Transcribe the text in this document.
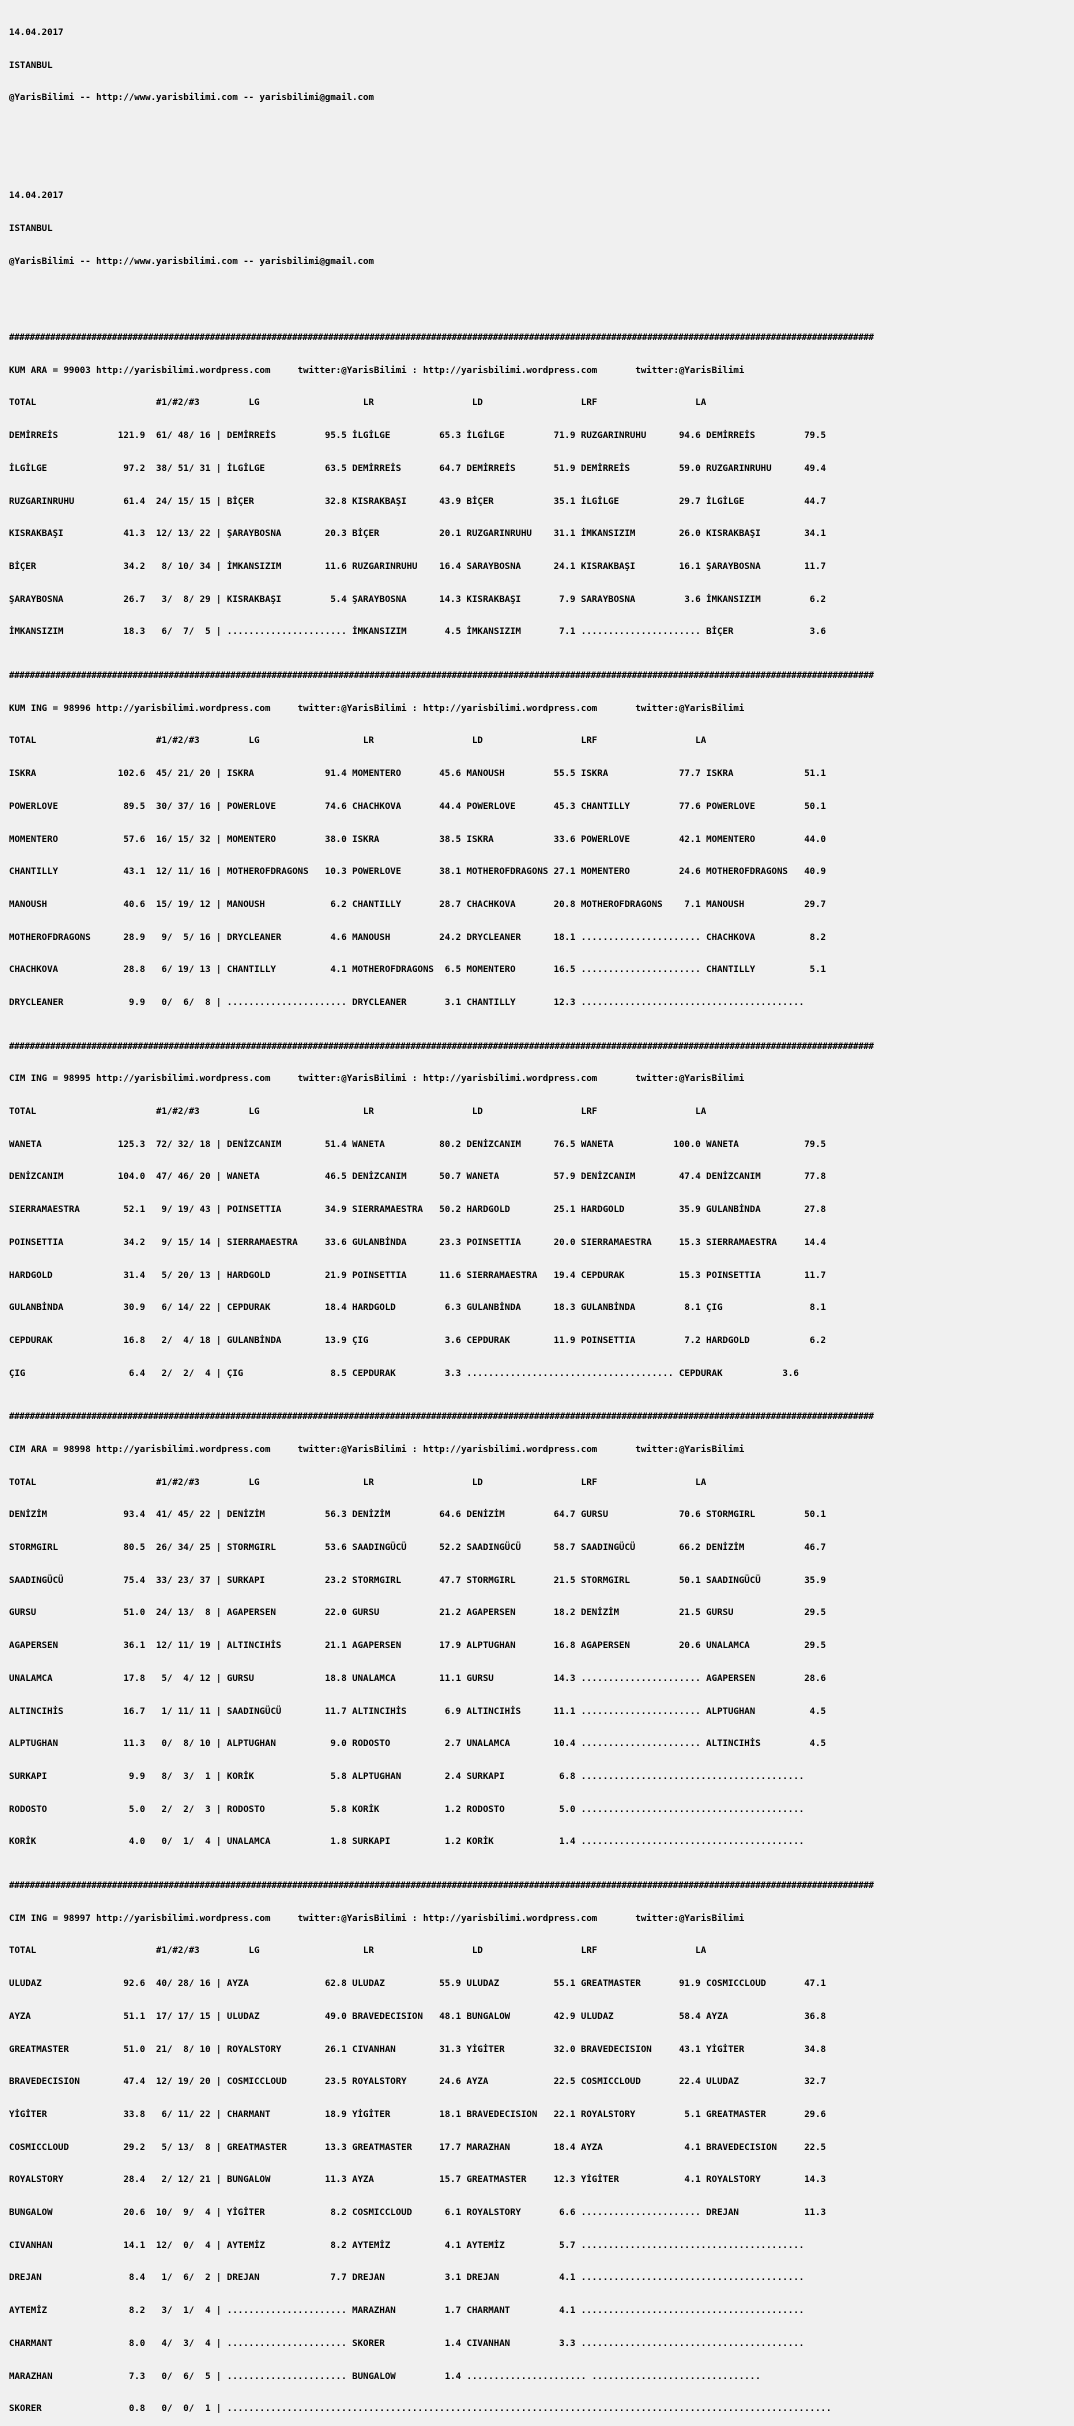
14.04.2017

ISTANBUL

@YarisBilimi -- http://www.yarisbilimi.com -- yarisbilimi@gmail.com

14.04.2017

ISTANBUL

@YarisBilimi -- http://www.yarisbilimi.com -- yarisbilimi@gmail.com

########################################################################################################################################################################

KUM ARA = 99003 http://yarisbilimi.wordpress.com     twitter:@YarisBilimi : http://yarisbilimi.wordpress.com       twitter:@YarisBilimi

TOTAL                      #1/#2/#3         LG                   LR                  LD                  LRF                  LA

DEMİRREİS           121.9  61/ 48/ 16 | DEMİRREİS         95.5 İLGİLGE         65.3 İLGİLGE         71.9 RUZGARINRUHU      94.6 DEMİRREİS         79.5

İLGİLGE              97.2  38/ 51/ 31 | İLGİLGE           63.5 DEMİRREİS       64.7 DEMİRREİS       51.9 DEMİRREİS         59.0 RUZGARINRUHU      49.4

RUZGARINRUHU         61.4  24/ 15/ 15 | BİÇER             32.8 KISRAKBAŞI      43.9 BİÇER           35.1 İLGİLGE           29.7 İLGİLGE           44.7

KISRAKBAŞI           41.3  12/ 13/ 22 | ŞARAYBOSNA        20.3 BİÇER           20.1 RUZGARINRUHU    31.1 İMKANSIZIM        26.0 KISRAKBAŞI        34.1

BİÇER                34.2   8/ 10/ 34 | İMKANSIZIM        11.6 RUZGARINRUHU    16.4 SARAYBOSNA      24.1 KISRAKBAŞI        16.1 ŞARAYBOSNA        11.7

ŞARAYBOSNA           26.7   3/  8/ 29 | KISRAKBAŞI         5.4 ŞARAYBOSNA      14.3 KISRAKBAŞI       7.9 SARAYBOSNA         3.6 İMKANSIZIM         6.2

İMKANSIZIM           18.3   6/  7/  5 | ...................... İMKANSIZIM       4.5 İMKANSIZIM       7.1 ...................... BİÇER              3.6

########################################################################################################################################################################

KUM ING = 98996 http://yarisbilimi.wordpress.com     twitter:@YarisBilimi : http://yarisbilimi.wordpress.com       twitter:@YarisBilimi

TOTAL                      #1/#2/#3         LG                   LR                  LD                  LRF                  LA

ISKRA               102.6  45/ 21/ 20 | ISKRA             91.4 MOMENTERO       45.6 MANOUSH         55.5 ISKRA             77.7 ISKRA             51.1

POWERLOVE            89.5  30/ 37/ 16 | POWERLOVE         74.6 CHACHKOVA       44.4 POWERLOVE       45.3 CHANTILLY         77.6 POWERLOVE         50.1

MOMENTERO            57.6  16/ 15/ 32 | MOMENTERO         38.0 ISKRA           38.5 ISKRA           33.6 POWERLOVE         42.1 MOMENTERO         44.0

CHANTILLY            43.1  12/ 11/ 16 | MOTHEROFDRAGONS   10.3 POWERLOVE       38.1 MOTHEROFDRAGONS 27.1 MOMENTERO         24.6 MOTHEROFDRAGONS   40.9

MANOUSH              40.6  15/ 19/ 12 | MANOUSH            6.2 CHANTILLY       28.7 CHACHKOVA       20.8 MOTHEROFDRAGONS    7.1 MANOUSH           29.7

MOTHEROFDRAGONS      28.9   9/  5/ 16 | DRYCLEANER         4.6 MANOUSH         24.2 DRYCLEANER      18.1 ...................... CHACHKOVA          8.2

CHACHKOVA            28.8   6/ 19/ 13 | CHANTILLY          4.1 MOTHEROFDRAGONS  6.5 MOMENTERO       16.5 ...................... CHANTILLY          5.1

DRYCLEANER            9.9   0/  6/  8 | ...................... DRYCLEANER       3.1 CHANTILLY       12.3 .........................................

########################################################################################################################################################################

CIM ING = 98995 http://yarisbilimi.wordpress.com     twitter:@YarisBilimi : http://yarisbilimi.wordpress.com       twitter:@YarisBilimi

TOTAL                      #1/#2/#3         LG                   LR                  LD                  LRF                  LA

WANETA              125.3  72/ 32/ 18 | DENİZCANIM        51.4 WANETA          80.2 DENİZCANIM      76.5 WANETA           100.0 WANETA            79.5

DENİZCANIM          104.0  47/ 46/ 20 | WANETA            46.5 DENİZCANIM      50.7 WANETA          57.9 DENİZCANIM        47.4 DENİZCANIM        77.8

SIERRAMAESTRA        52.1   9/ 19/ 43 | POINSETTIA        34.9 SIERRAMAESTRA   50.2 HARDGOLD        25.1 HARDGOLD          35.9 GULANBİNDA        27.8

POINSETTIA           34.2   9/ 15/ 14 | SIERRAMAESTRA     33.6 GULANBİNDA      23.3 POINSETTIA      20.0 SIERRAMAESTRA     15.3 SIERRAMAESTRA     14.4

HARDGOLD             31.4   5/ 20/ 13 | HARDGOLD          21.9 POINSETTIA      11.6 SIERRAMAESTRA   19.4 CEPDURAK          15.3 POINSETTIA        11.7

GULANBİNDA           30.9   6/ 14/ 22 | CEPDURAK          18.4 HARDGOLD         6.3 GULANBİNDA      18.3 GULANBİNDA         8.1 ÇIG                8.1

CEPDURAK             16.8   2/  4/ 18 | GULANBİNDA        13.9 ÇIG              3.6 CEPDURAK        11.9 POINSETTIA         7.2 HARDGOLD           6.2

ÇIG                   6.4   2/  2/  4 | ÇIG                8.5 CEPDURAK         3.3 ...................................... CEPDURAK           3.6

########################################################################################################################################################################

CIM ARA = 98998 http://yarisbilimi.wordpress.com     twitter:@YarisBilimi : http://yarisbilimi.wordpress.com       twitter:@YarisBilimi

TOTAL                      #1/#2/#3         LG                   LR                  LD                  LRF                  LA

DENİZİM              93.4  41/ 45/ 22 | DENİZİM           56.3 DENİZİM         64.6 DENİZİM         64.7 GURSU             70.6 STORMGIRL         50.1

STORMGIRL            80.5  26/ 34/ 25 | STORMGIRL         53.6 SAADINGÜCÜ      52.2 SAADINGÜCÜ      58.7 SAADINGÜCÜ        66.2 DENİZİM           46.7

SAADINGÜCÜ           75.4  33/ 23/ 37 | SURKAPI           23.2 STORMGIRL       47.7 STORMGIRL       21.5 STORMGIRL         50.1 SAADINGÜCÜ        35.9

GURSU                51.0  24/ 13/  8 | AGAPERSEN         22.0 GURSU           21.2 AGAPERSEN       18.2 DENİZİM           21.5 GURSU             29.5

AGAPERSEN            36.1  12/ 11/ 19 | ALTINCIHİS        21.1 AGAPERSEN       17.9 ALPTUGHAN       16.8 AGAPERSEN         20.6 UNALAMCA          29.5

UNALAMCA             17.8   5/  4/ 12 | GURSU             18.8 UNALAMCA        11.1 GURSU           14.3 ...................... AGAPERSEN         28.6

ALTINCIHİS           16.7   1/ 11/ 11 | SAADINGÜCÜ        11.7 ALTINCIHİS       6.9 ALTINCIHİS      11.1 ...................... ALPTUGHAN          4.5

ALPTUGHAN            11.3   0/  8/ 10 | ALPTUGHAN          9.0 RODOSTO          2.7 UNALAMCA        10.4 ...................... ALTINCIHİS         4.5

SURKAPI               9.9   8/  3/  1 | KORİK              5.8 ALPTUGHAN        2.4 SURKAPI          6.8 .........................................

RODOSTO               5.0   2/  2/  3 | RODOSTO            5.8 KORİK            1.2 RODOSTO          5.0 .........................................

KORİK                 4.0   0/  1/  4 | UNALAMCA           1.8 SURKAPI          1.2 KORİK            1.4 .........................................

########################################################################################################################################################################

CIM ING = 98997 http://yarisbilimi.wordpress.com     twitter:@YarisBilimi : http://yarisbilimi.wordpress.com       twitter:@YarisBilimi

TOTAL                      #1/#2/#3         LG                   LR                  LD                  LRF                  LA

ULUDAZ               92.6  40/ 28/ 16 | AYZA              62.8 ULUDAZ          55.9 ULUDAZ          55.1 GREATMASTER       91.9 COSMICCLOUD       47.1

AYZA                 51.1  17/ 17/ 15 | ULUDAZ            49.0 BRAVEDECISION   48.1 BUNGALOW        42.9 ULUDAZ            58.4 AYZA              36.8

GREATMASTER          51.0  21/  8/ 10 | ROYALSTORY        26.1 CIVANHAN        31.3 YİGİTER         32.0 BRAVEDECISION     43.1 YİGİTER           34.8

BRAVEDECISION        47.4  12/ 19/ 20 | COSMICCLOUD       23.5 ROYALSTORY      24.6 AYZA            22.5 COSMICCLOUD       22.4 ULUDAZ            32.7

YİGİTER              33.8   6/ 11/ 22 | CHARMANT          18.9 YİGİTER         18.1 BRAVEDECISION   22.1 ROYALSTORY         5.1 GREATMASTER       29.6

COSMICCLOUD          29.2   5/ 13/  8 | GREATMASTER       13.3 GREATMASTER     17.7 MARAZHAN        18.4 AYZA               4.1 BRAVEDECISION     22.5

ROYALSTORY           28.4   2/ 12/ 21 | BUNGALOW          11.3 AYZA            15.7 GREATMASTER     12.3 YİGİTER            4.1 ROYALSTORY        14.3

BUNGALOW             20.6  10/  9/  4 | YİGİTER            8.2 COSMICCLOUD      6.1 ROYALSTORY       6.6 ...................... DREJAN            11.3

CIVANHAN             14.1  12/  0/  4 | AYTEMİZ            8.2 AYTEMİZ          4.1 AYTEMİZ          5.7 .........................................

DREJAN                8.4   1/  6/  2 | DREJAN             7.7 DREJAN           3.1 DREJAN           4.1 .........................................

AYTEMİZ               8.2   3/  1/  4 | ...................... MARAZHAN         1.7 CHARMANT         4.1 .........................................

CHARMANT              8.0   4/  3/  4 | ...................... SKORER           1.4 CIVANHAN         3.3 .........................................

MARAZHAN              7.3   0/  6/  5 | ...................... BUNGALOW         1.4 ...................... ...............................

SKORER                0.8   0/  0/  1 | ...............................................................................................................
